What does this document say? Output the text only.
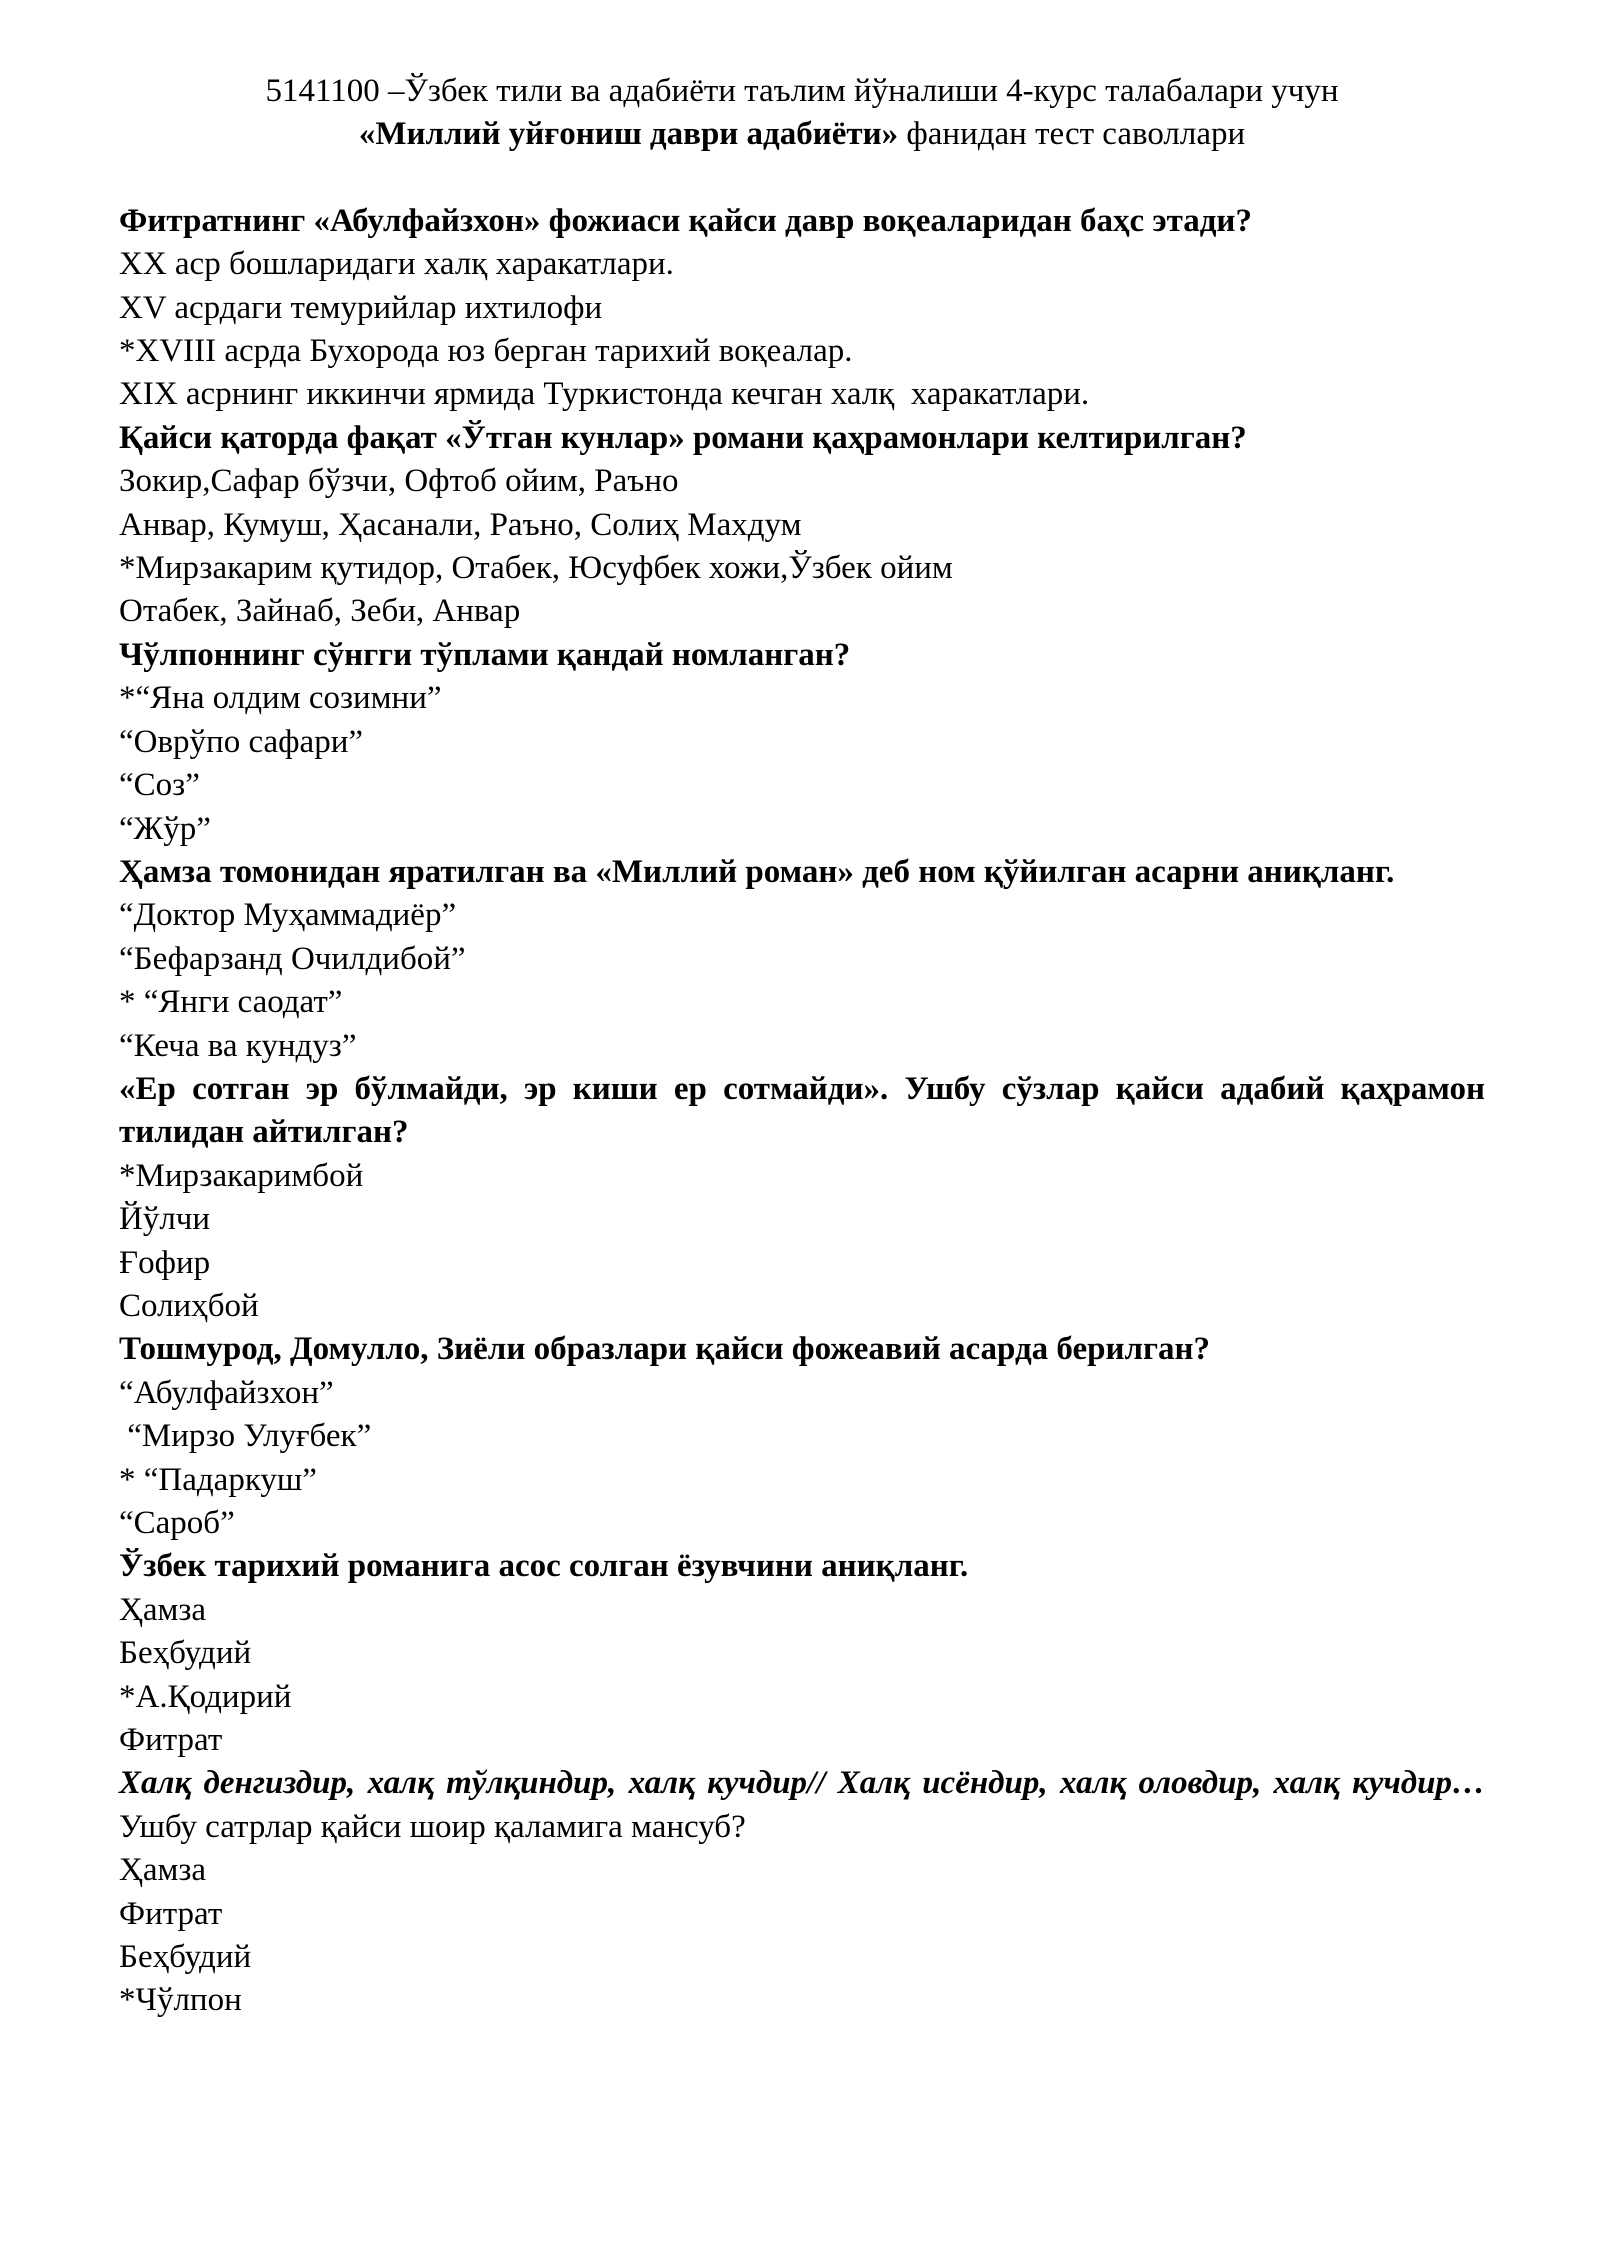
5141100 –Ўзбек тили ва адабиёти таълим йўналиши 4-курс талабалари учун
«Миллий уйғониш даври адабиёти» фанидан тест саволлари
Фитратнинг «Абулфайзхон» фожиаси қайси давр воқеаларидан баҳс этади?
XX аср бошларидаги халқ харакатлари.
XV асрдаги темурийлар ихтилофи
*XVIII асрда Бухорода юз берган тарихий воқеалар.
XIX асрнинг иккинчи ярмида Туркистонда кечган халқ  харакатлари.
Қайси қаторда фақат «Ўтган кунлар» романи қаҳрамонлари келтирилган?
Зокир,Сафар бўзчи, Офтоб ойим, Раъно
Анвар, Кумуш, Ҳасанали, Раъно, Солиҳ Махдум
*Мирзакарим қутидор, Отабек, Юсуфбек хожи,Ўзбек ойим
Отабек, Зайнаб, Зеби, Анвар
Чўлпоннинг сўнгги тўплами қандай номланган?
*“Яна олдим созимни”
“Оврўпо сафари”
“Соз”
“Жўр”
Ҳамза томонидан яратилган ва «Миллий роман» деб ном қўйилган асарни аниқланг.
“Доктор Муҳаммадиёр”
“Бефарзанд Очилдибой”
* “Янги саодат”
“Кеча ва кундуз”
«Ер сотган эр бўлмайди, эр киши ер сотмайди». Ушбу сўзлар қайси адабий қаҳрамон тилидан айтилган?
*Мирзакаримбой
Йўлчи
Ғофир
Солиҳбой
Тошмурод, Домулло, Зиёли образлари қайси фожеавий асарда берилган?
“Абулфайзхон”
“Мирзо Улуғбек”
* “Падаркуш”
“Сароб”
Ўзбек тарихий романига асос солган ёзувчини аниқланг.
Ҳамза
Беҳбудий
*А.Қодирий
Фитрат
Халқ денгиздир, халқ тўлқиндир, халқ кучдир// Халқ исёндир, халқ оловдир, халқ кучдир…Ушбу сатрлар қайси шоир қаламига мансуб?
Ҳамза
Фитрат
Беҳбудий
*Чўлпон
